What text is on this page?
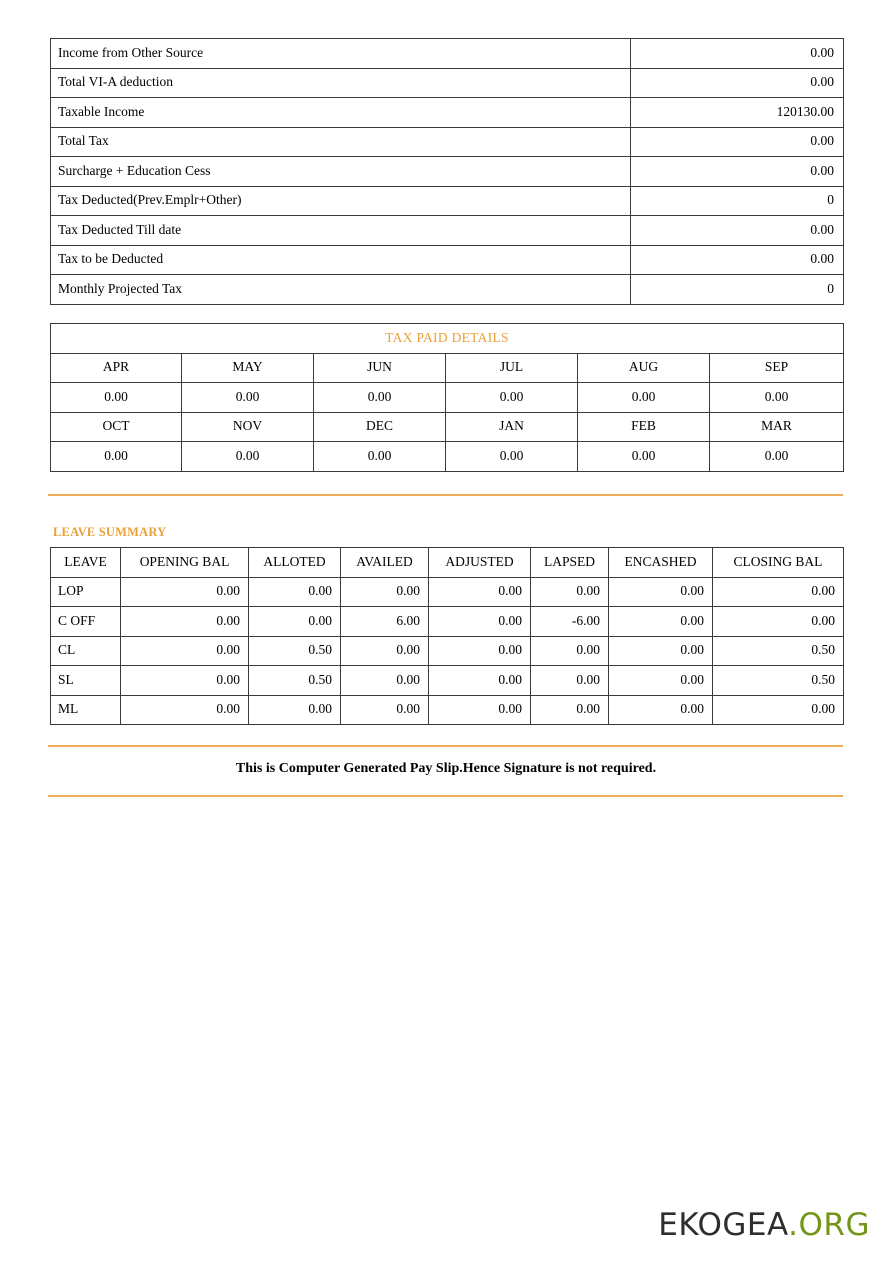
Income from Other Source	0.00
Total VI-A deduction	0.00
Taxable Income	120130.00
Total Tax	0.00
Surcharge + Education Cess	0.00
Tax Deducted(Prev.Emplr+Other)	0
Tax Deducted Till date	0.00
Tax to be Deducted	0.00
Monthly Projected Tax	0
TAX PAID DETAILS					
APR	MAY	JUN	JUL	AUG	SEP
0.00	0.00	0.00	0.00	0.00	0.00
OCT	NOV	DEC	JAN	FEB	MAR
0.00	0.00	0.00	0.00	0.00	0.00
LEAVE SUMMARY
LEAVE	OPENING BAL	ALLOTED	AVAILED	ADJUSTED	LAPSED	ENCASHED	CLOSING BAL
LOP	0.00	0.00	0.00	0.00	0.00	0.00	0.00
C OFF	0.00	0.00	6.00	0.00	-6.00	0.00	0.00
CL	0.00	0.50	0.00	0.00	0.00	0.00	0.50
SL	0.00	0.50	0.00	0.00	0.00	0.00	0.50
ML	0.00	0.00	0.00	0.00	0.00	0.00	0.00
This is Computer Generated Pay Slip.Hence Signature is not required.
EKOGEA.ORG
